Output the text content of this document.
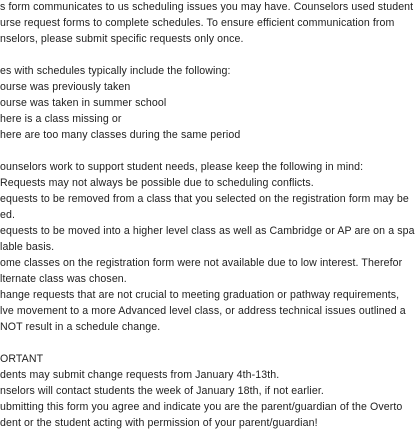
s form communicates to us scheduling issues you may have. Counselors used student
urse request forms to complete schedules. To ensure efficient communication from
nselors, please submit specific requests only once.
es with schedules typically include the following:
ourse was previously taken
ourse was taken in summer school
here is a class missing or
here are too many classes during the same period
ounselors work to support student needs, please keep the following in mind:
Requests may not always be possible due to scheduling conflicts.
equests to be removed from a class that you selected on the registration form may be
ed.
equests to be moved into a higher level class as well as Cambridge or AP are on a spa
lable basis.
ome classes on the registration form were not available due to low interest. Therefor
lternate class was chosen.
hange requests that are not crucial to meeting graduation or pathway requirements,
lve movement to a more Advanced level class, or address technical issues outlined a
NOT result in a schedule change.
ORTANT
dents may submit change requests from January 4th-13th.
nselors will contact students the week of January 18th, if not earlier.
ubmitting this form you agree and indicate you are the parent/guardian of the Overto
dent or the student acting with permission of your parent/guardian!
